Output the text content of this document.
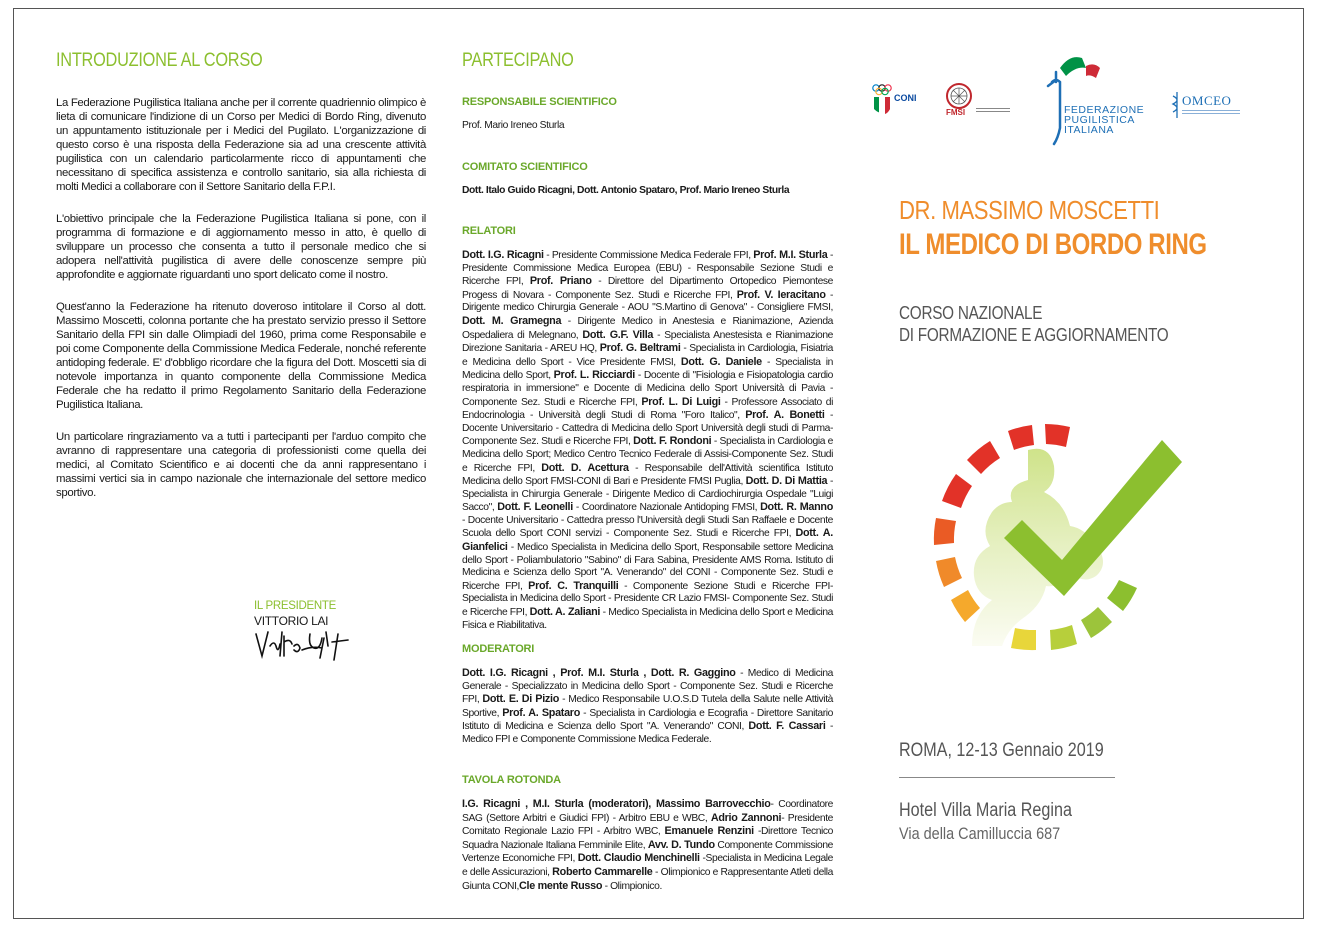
INTRODUZIONE AL CORSO

La Federazione Pugilistica Italiana anche per il corrente quadriennio olimpico è lieta di comunicare l'indizione di un Corso per Medici di Bordo Ring, divenuto un appuntamento istituzionale per i Medici del Pugilato. L'organizzazione di questo corso è una risposta della Federazione sia ad una crescente attività pugilistica con un calendario particolarmente ricco di appuntamenti che necessitano di specifica assistenza e controllo sanitario, sia alla richiesta di molti Medici a collaborare con il Settore Sanitario della F.P.I.

L'obiettivo principale che la Federazione Pugilistica Italiana si pone, con il programma di formazione e di aggiornamento messo in atto, è quello di sviluppare un processo che consenta a tutto il personale medico che si adopera nell'attività pugilistica di avere delle conoscenze sempre più approfondite e aggiornate riguardanti uno sport delicato come il nostro.

Quest'anno la Federazione ha ritenuto doveroso intitolare il Corso al dott. Massimo Moscetti, colonna portante che ha prestato servizio presso il Settore Sanitario della FPI sin dalle Olimpiadi del 1960, prima come Responsabile e poi come Componente della Commissione Medica Federale, nonché referente antidoping federale. E' d'obbligo ricordare che la figura del Dott. Moscetti sia di notevole importanza in quanto componente della Commissione Medica Federale che ha redatto il primo Regolamento Sanitario della Federazione Pugilistica Italiana.

Un particolare ringraziamento va a tutti i partecipanti per l'arduo compito che avranno di rappresentare una categoria di professionisti come quella dei medici, al Comitato Scientifico e ai docenti che da anni rappresentano i massimi vertici sia in campo nazionale che internazionale del settore medico sportivo.

IL PRESIDENTE
VITTORIO LAI
PARTECIPANO
RESPONSABILE SCIENTIFICO

Prof. Mario Ireneo Sturla

COMITATO SCIENTIFICO

Dott. Italo Guido Ricagni, Dott. Antonio Spataro, Prof. Mario Ireneo Sturla

RELATORI

Dott. I.G. Ricagni - Presidente Commissione Medica Federale FPI, Prof. M.I. Sturla - Presidente Commissione Medica Europea (EBU) - Responsabile Sezione Studi e Ricerche FPI, Prof. Priano - Direttore del Dipartimento Ortopedico Piemontese Progess di Novara - Componente Sez. Studi e Ricerche FPI, Prof. V. Ieracitano - Dirigente medico Chirurgia Generale - AOU "S.Martino di Genova" - Consigliere FMSI, Dott. M. Gramegna - Dirigente Medico in Anestesia e Rianimazione, Azienda Ospedaliera di Melegnano, Dott. G.F. Villa - Specialista Anestesista e Rianimazione Direzione Sanitaria - AREU HQ, Prof. G. Beltrami - Specialista in Cardiologia, Fisiatria e Medicina dello Sport - Vice Presidente FMSI, Dott. G. Daniele - Specialista in Medicina dello Sport, Prof. L. Ricciardi - Docente di "Fisiologia e Fisiopatologia cardio respiratoria in immersione" e Docente di Medicina dello Sport Università di Pavia - Componente Sez. Studi e Ricerche FPI, Prof. L. Di Luigi - Professore Associato di Endocrinologia - Università degli Studi di Roma "Foro Italico", Prof. A. Bonetti - Docente Universitario - Cattedra di Medicina dello Sport Università degli studi di Parma-Componente Sez. Studi e Ricerche FPI, Dott. F. Rondoni - Specialista in Cardiologia e Medicina dello Sport; Medico Centro Tecnico Federale di Assisi-Componente Sez. Studi e Ricerche FPI, Dott. D. Acettura - Responsabile dell'Attività scientifica Istituto Medicina dello Sport FMSI-CONI di Bari e Presidente FMSI Puglia, Dott. D. Di Mattia - Specialista in Chirurgia Generale - Dirigente Medico di Cardiochirurgia Ospedale "Luigi Sacco", Dott. F. Leonelli - Coordinatore Nazionale Antidoping FMSI, Dott. R. Manno - Docente Universitario - Cattedra presso l'Università degli Studi San Raffaele e Docente Scuola dello Sport CONI servizi - Componente Sez. Studi e Ricerche FPI, Dott. A. Gianfelici - Medico Specialista in Medicina dello Sport, Responsabile settore Medicina dello Sport - Poliambulatorio "Sabino" di Fara Sabina, Presidente AMS Roma. Istituto di Medicina e Scienza dello Sport "A. Venerando" del CONI - Componente Sez. Studi e Ricerche FPI, Prof. C. Tranquilli - Componente Sezione Studi e Ricerche FPI- Specialista in Medicina dello Sport - Presidente CR Lazio FMSI- Componente Sez. Studi e Ricerche FPI, Dott. A. Zaliani - Medico Specialista in Medicina dello Sport e Medicina Fisica e Riabilitativa.

MODERATORI

Dott. I.G. Ricagni , Prof. M.I. Sturla , Dott. R. Gaggino - Medico di Medicina Generale - Specializzato in Medicina dello Sport - Componente Sez. Studi e Ricerche FPI, Dott. E. Di Pizio - Medico Responsabile U.O.S.D Tutela della Salute nelle Attività Sportive, Prof. A. Spataro - Specialista in Cardiologia e Ecografia - Direttore Sanitario Istituto di Medicina e Scienza dello Sport "A. Venerando" CONI, Dott. F. Cassari - Medico FPI e Componente Commissione Medica Federale.

TAVOLA ROTONDA

I.G. Ricagni , M.I. Sturla (moderatori), Massimo Barrovecchio- Coordinatore SAG (Settore Arbitri e Giudici FPI) - Arbitro EBU e WBC, Adrio Zannoni- Presidente Comitato Regionale Lazio FPI - Arbitro WBC, Emanuele Renzini -Direttore Tecnico Squadra Nazionale Italiana Femminile Elite, Avv. D. Tundo Componente Commissione Vertenze Economiche FPI, Dott. Claudio Menchinelli -Specialista in Medicina Legale e delle Assicurazioni, Roberto Cammarelle - Olimpionico e Rappresentante Atleti della Giunta CONI,Cle mente Russo - Olimpionico.

CONI
FMSI	FEDERAZIONE
PUGILISTICA
ITALIANA
OMCEO
DR. MASSIMO MOSCETTI
IL MEDICO DI BORDO RING
CORSO NAZIONALE
DI FORMAZIONE E AGGIORNAMENTO
ROMA, 12-13 Gennaio 2019
Hotel Villa Maria Regina
Via della Camilluccia 687
